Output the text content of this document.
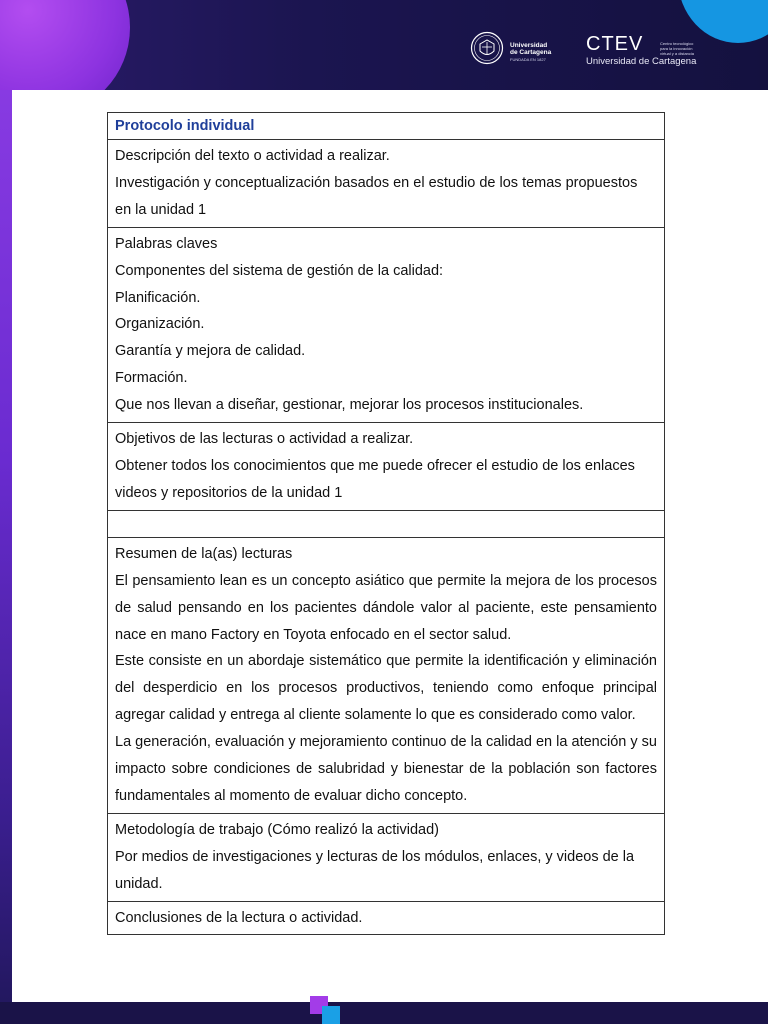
Universidad
de Cartagena
FUNDADA EN 1827
CTEV	Centro tecnológico para la innovación virtual y a distancia
Universidad de Cartagena

Protocolo individual

Descripción del texto o actividad a realizar.

Investigación y conceptualización basados en el estudio de los temas propuestos en la unidad 1

Palabras claves

Componentes del sistema de gestión de la calidad:

Planificación.

Organización.

Garantía y mejora de calidad.

Formación.

Que nos llevan a diseñar, gestionar, mejorar los procesos institucionales.

Objetivos de las lecturas o actividad a realizar.

Obtener todos los conocimientos que me puede ofrecer el estudio de los enlaces videos y repositorios de la unidad 1

Resumen de la(as) lecturas

El pensamiento lean es un concepto asiático que permite la mejora de los procesos de salud pensando en los pacientes dándole valor al paciente, este pensamiento nace en mano Factory en Toyota enfocado en el sector salud.

Este consiste en un abordaje sistemático que permite la identificación y eliminación del desperdicio en los procesos productivos, teniendo como enfoque principal agregar calidad y entrega al cliente solamente lo que es considerado como valor.

La generación, evaluación y mejoramiento continuo de la calidad en la atención y su impacto sobre condiciones de salubridad y bienestar de la población son factores fundamentales al momento de evaluar dicho concepto.

Metodología de trabajo (Cómo realizó la actividad)

Por medios de investigaciones y lecturas de los módulos, enlaces, y videos de la unidad.

Conclusiones de la lectura o actividad.
